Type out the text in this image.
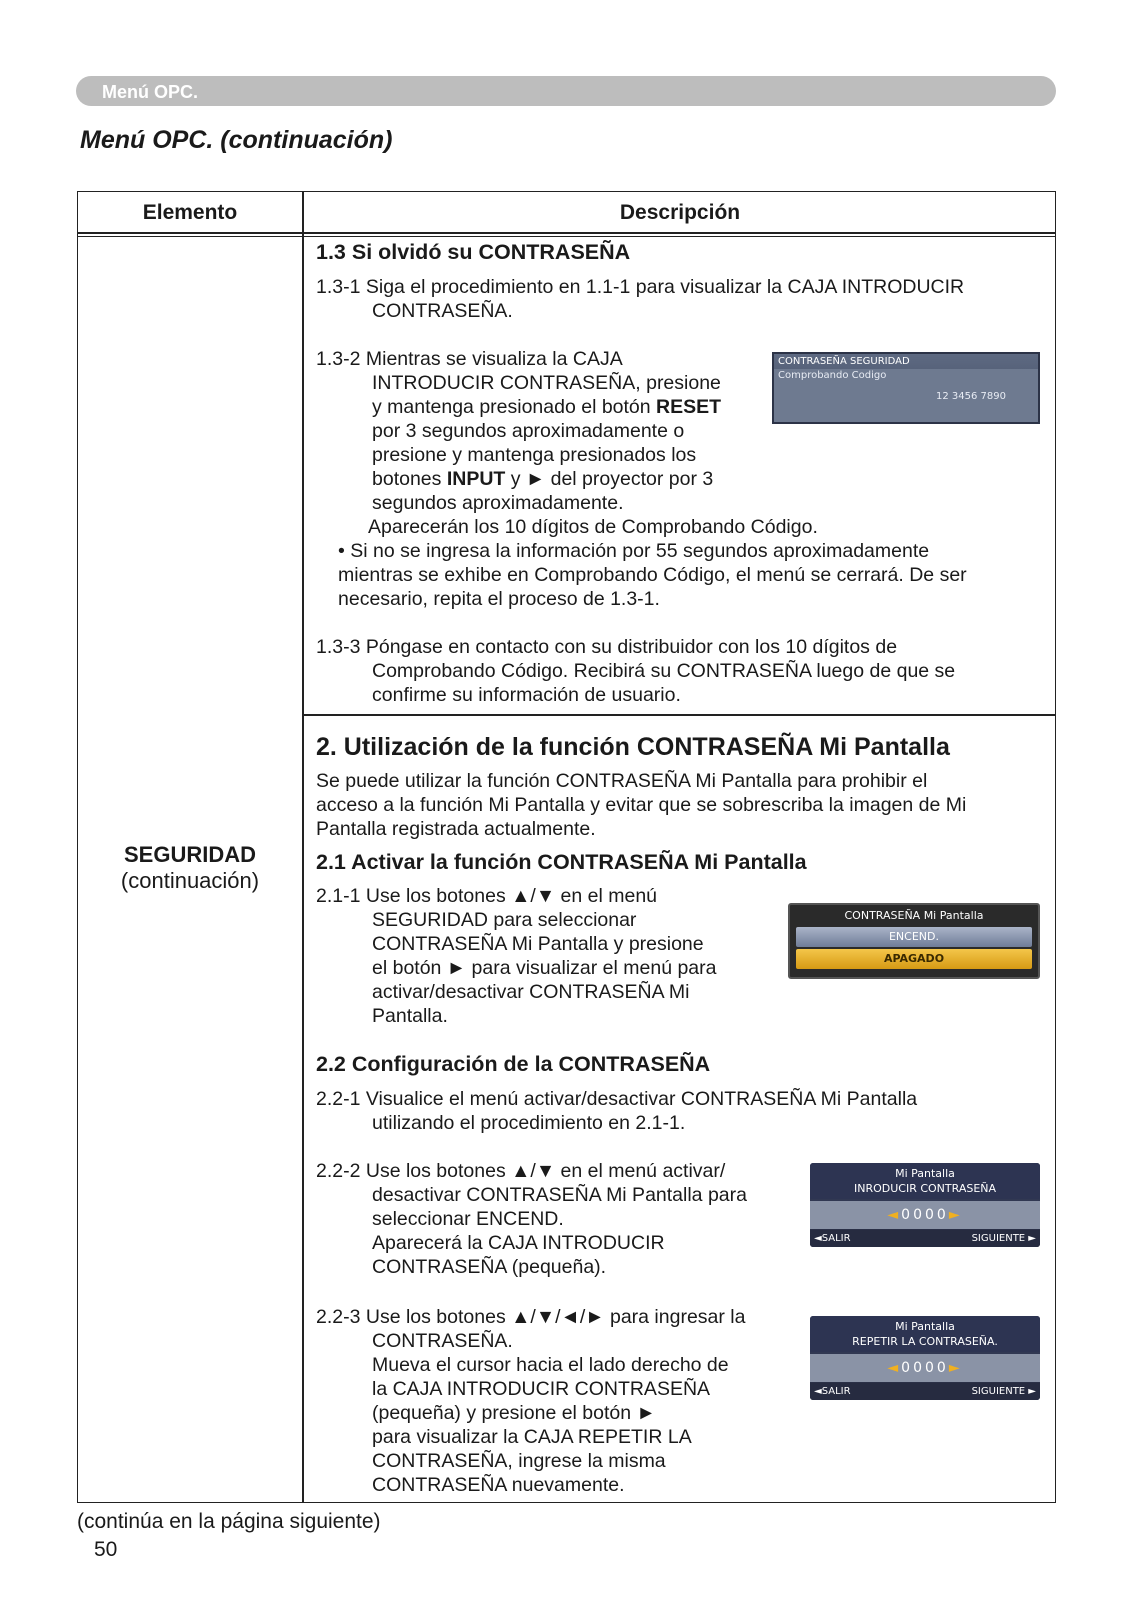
Menú OPC.
Menú OPC. (continuación)
Elemento	Descripción
SEGURIDAD
(continuación)
1.3 Si olvidó su CONTRASEÑA
1.3-1 Siga el procedimiento en 1.1-1 para visualizar la CAJA INTRODUCIR
CONTRASEÑA.
1.3-2 Mientras se visualiza la CAJA
INTRODUCIR CONTRASEÑA, presione
y mantenga presionado el botón RESET
por 3 segundos aproximadamente o
presione y mantenga presionados los
botones INPUT y ► del proyector por 3
segundos aproximadamente.
Aparecerán los 10 dígitos de Comprobando Código.
• Si no se ingresa la información por 55 segundos aproximadamente
mientras se exhibe en Comprobando Código, el menú se cerrará. De ser
necesario, repita el proceso de 1.3-1.
1.3-3 Póngase en contacto con su distribuidor con los 10 dígitos de
Comprobando Código. Recibirá su CONTRASEÑA luego de que se
confirme su información de usuario.
CONTRASEÑA SEGURIDAD
Comprobando Codigo
12 3456 7890
2. Utilización de la función CONTRASEÑA Mi Pantalla
Se puede utilizar la función CONTRASEÑA Mi Pantalla para prohibir el
acceso a la función Mi Pantalla y evitar que se sobrescriba la imagen de Mi
Pantalla registrada actualmente.
2.1 Activar la función CONTRASEÑA Mi Pantalla
2.1-1 Use los botones ▲/▼ en el menú
SEGURIDAD para seleccionar
CONTRASEÑA Mi Pantalla y presione
el botón ► para visualizar el menú para
activar/desactivar CONTRASEÑA Mi
Pantalla.
CONTRASEÑA Mi Pantalla
ENCEND.
APAGADO
2.2 Configuración de la CONTRASEÑA
2.2-1 Visualice el menú activar/desactivar CONTRASEÑA Mi Pantalla
utilizando el procedimiento en 2.1-1.
2.2-2 Use los botones ▲/▼ en el menú activar/
desactivar CONTRASEÑA Mi Pantalla para
seleccionar ENCEND.
Aparecerá la CAJA INTRODUCIR
CONTRASEÑA (pequeña).
2.2-3 Use los botones ▲/▼/◄/► para ingresar la
CONTRASEÑA.
Mueva el cursor hacia el lado derecho de
la CAJA INTRODUCIR CONTRASEÑA
(pequeña) y presione el botón ►
para visualizar la CAJA REPETIR LA
CONTRASEÑA, ingrese la misma
CONTRASEÑA nuevamente.
Mi Pantalla
INRODUCIR CONTRASEÑA
◄0000►
◄SALIR	SIGUIENTE ►
Mi Pantalla
REPETIR LA CONTRASEÑA.
◄0000►
◄SALIR	SIGUIENTE ►
(continúa en la página siguiente)
50
